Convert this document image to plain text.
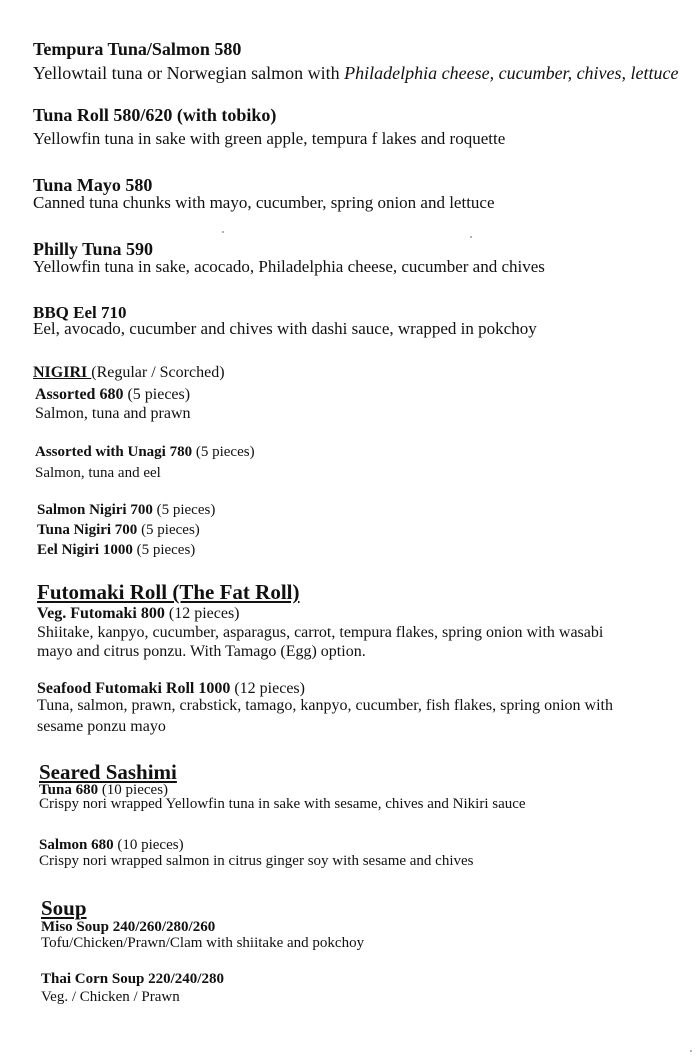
Tempura Tuna/Salmon 580
Yellowtail tuna or Norwegian salmon with Philadelphia cheese, cucumber, chives, lettuce
Tuna Roll 580/620 (with tobiko)
Yellowfin tuna in sake with green apple, tempura f lakes and roquette
Tuna Mayo 580
Canned tuna chunks with mayo, cucumber, spring onion and lettuce
Philly Tuna 590
Yellowfin tuna in sake, acocado, Philadelphia cheese, cucumber and chives
BBQ Eel 710
Eel, avocado, cucumber and chives with dashi sauce, wrapped in pokchoy
NIGIRI (Regular / Scorched)
Assorted 680 (5 pieces)
Salmon, tuna and prawn
Assorted with Unagi 780 (5 pieces)
Salmon, tuna and eel
Salmon Nigiri 700 (5 pieces)
Tuna Nigiri 700 (5 pieces)
Eel Nigiri 1000 (5 pieces)
Futomaki Roll (The Fat Roll)
Veg. Futomaki 800 (12 pieces)
Shiitake, kanpyo, cucumber, asparagus, carrot, tempura flakes, spring onion with wasabi
mayo and citrus ponzu. With Tamago (Egg) option.
Seafood Futomaki Roll 1000 (12 pieces)
Tuna, salmon, prawn, crabstick, tamago, kanpyo, cucumber, fish flakes, spring onion with
sesame ponzu mayo
Seared Sashimi
Tuna 680 (10 pieces)
Crispy nori wrapped Yellowfin tuna in sake with sesame, chives and Nikiri sauce
Salmon 680 (10 pieces)
Crispy nori wrapped salmon in citrus ginger soy with sesame and chives
Soup
Miso Soup 240/260/280/260
Tofu/Chicken/Prawn/Clam with shiitake and pokchoy
Thai Corn Soup 220/240/280
Veg. / Chicken / Prawn
